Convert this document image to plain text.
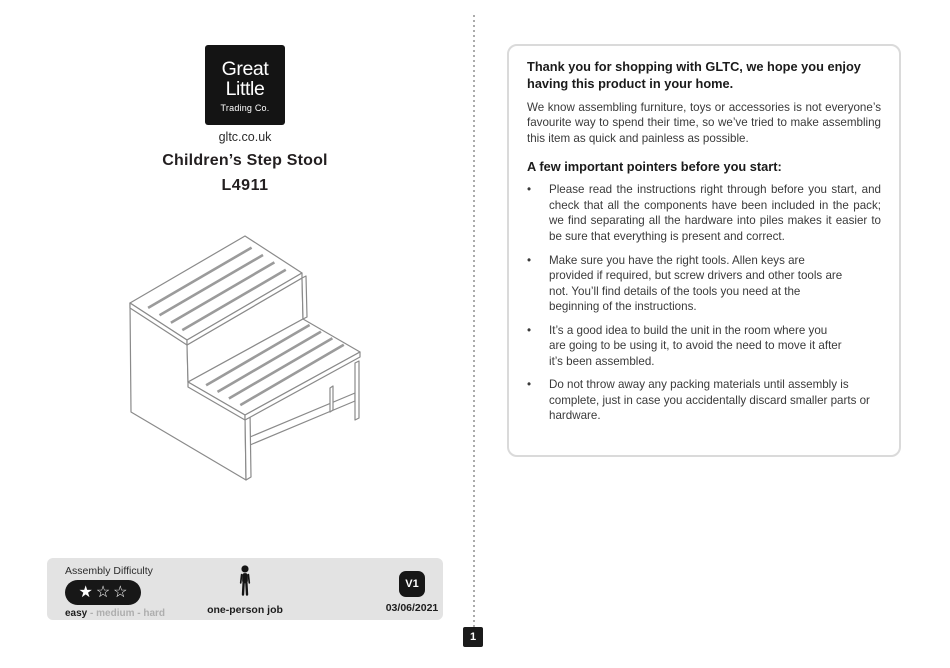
Great
Little
Trading Co.
gltc.co.uk
Children’s Step Stool
L4911
Assembly Difficulty
★ ☆ ☆
easy - medium - hard	one-person job
V1
03/06/2021
1
Thank you for shopping with GLTC, we hope you enjoy having this product in your home.
We know assembling furniture, toys or accessories is not everyone’s favourite way to spend their time, so we’ve tried to make assembling this item as quick and painless as possible.
A few important pointers before you start:
•	Please read the instructions right through before you start, and check that all the components have been included in the pack; we find separating all the hardware into piles makes it easier to be sure that everything is present and correct.
•	Make sure you have the right tools. Allen keys are provided if required, but screw drivers and other tools are not. You’ll find details of the tools you need at the beginning of the instructions.
•	It’s a good idea to build the unit in the room where you are going to be using it, to avoid the need to move it after it’s been assembled.
•	Do not throw away any packing materials until assembly is complete, just in case you accidentally discard smaller parts or hardware.
